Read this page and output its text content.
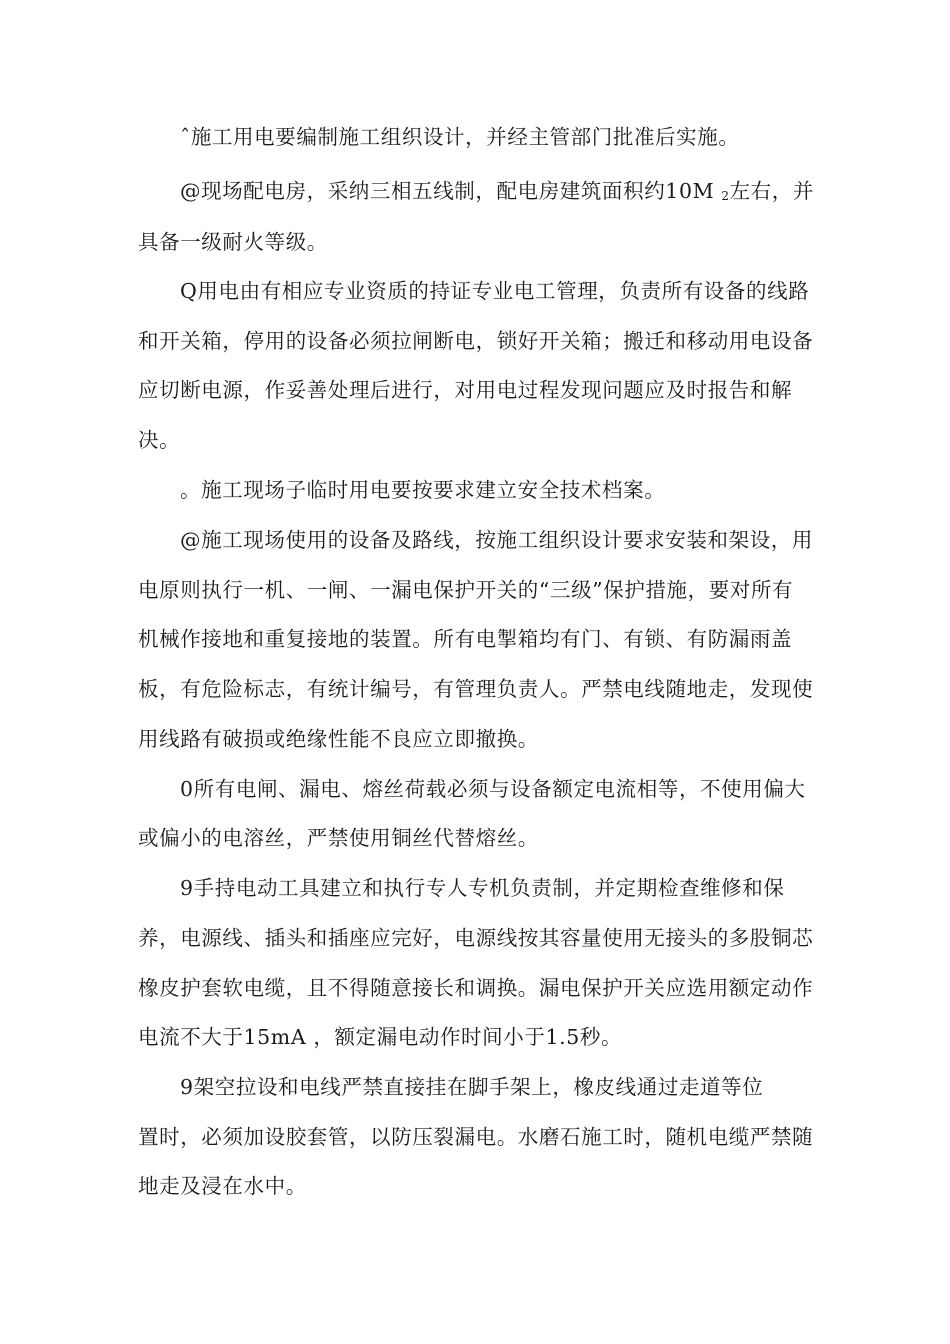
ˆ施工用电要编制施工组织设计，并经主管部门批准后实施。
@现场配电房，采纳三相五线制，配电房建筑面积约10M 2左右，并
具备一级耐火等级。
Q用电由有相应专业资质的持证专业电工管理，负责所有设备的线路
和开关箱，停用的设备必须拉闸断电，锁好开关箱；搬迁和移动用电设备
应切断电源，作妥善处理后进行，对用电过程发现问题应及时报告和解
决。
。施工现场子临时用电要按要求建立安全技术档案。
@施工现场使用的设备及路线，按施工组织设计要求安装和架设，用
电原则执行一机、一闸、一漏电保护开关的“三级”保护措施，要对所有
机械作接地和重复接地的装置。所有电掣箱均有门、有锁、有防漏雨盖
板，有危险标志，有统计编号，有管理负责人。严禁电线随地走，发现使
用线路有破损或绝缘性能不良应立即撤换。
0所有电闸、漏电、熔丝荷载必须与设备额定电流相等，不使用偏大
或偏小的电溶丝，严禁使用铜丝代替熔丝。
9手持电动工具建立和执行专人专机负责制，并定期检查维修和保
养，电源线、插头和插座应完好，电源线按其容量使用无接头的多股铜芯
橡皮护套软电缆，且不得随意接长和调换。漏电保护开关应选用额定动作
电流不大于15mA ，额定漏电动作时间小于1.5秒。
9架空拉设和电线严禁直接挂在脚手架上，橡皮线通过走道等位
置时，必须加设胶套管，以防压裂漏电。水磨石施工时，随机电缆严禁随
地走及浸在水中。
